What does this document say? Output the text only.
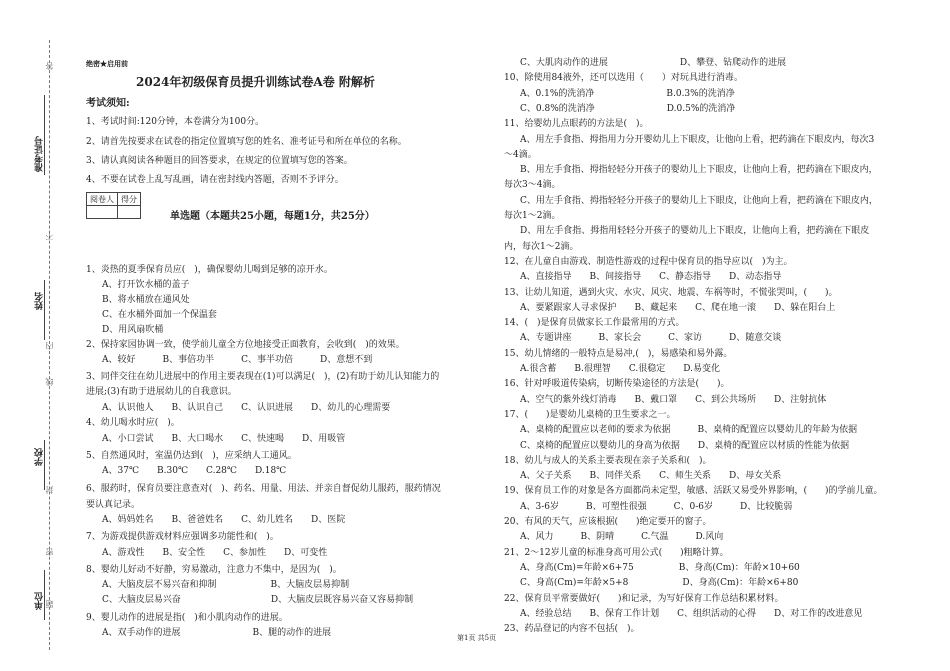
准考证号
姓名
学校
单位
答
不
内
线
封
密
题
绝密★启用前
2024年初级保育员提升训练试卷A卷 附解析
考试须知:
1、考试时间:120分钟，本卷满分为100分。
2、请首先按要求在试卷的指定位置填写您的姓名、准考证号和所在单位的名称。
3、请认真阅读各种题目的回答要求，在规定的位置填写您的答案。
4、不要在试卷上乱写乱画，请在密封线内答题，否则不予评分。
阅卷人	得分

单选题（本题共25小题，每题1分，共25分）
1、炎热的夏季保育员应(　)，确保婴幼儿喝到足够的凉开水。
A、打开饮水桶的盖子
B、将水桶放在通风处
C、在水桶外面加一个保温套
D、用风扇吹桶
2、保持家园协调一致，使学前儿童全方位地接受正面教育，会收到(　)的效果。
A、较好　　　B、事倍功半　　　C、事半功倍　　　D、意想不到
3、同伴交往在幼儿进展中的作用主要表现在(1)可以满足(　)，(2)有助于幼儿认知能力的
进展;(3)有助于进展幼儿的自我意识。
A、认识他人　　B、认识自己　　C、认识进展　　D、幼儿的心理需要
4、幼儿喝水时应(　)。
A、小口尝试　　B、大口喝水　　C、快速喝　　D、用吸管
5、自然通风时，室温仍达到(　)，应采纳人工通风。
A、37℃　　B.30℃　　C.28℃　　D.18℃
6、服药时，保育员要注意查对(　)、药名、用量、用法、并亲自督促幼儿服药，服药情况
要认真记录。
A、妈妈姓名　　B、爸爸姓名　　C、幼儿姓名　　D、医院
7、为游戏提供游戏材料应强调多功能性和(　)。
A、游戏性　　B、安全性　　C、参加性　　D、可变性
8、婴幼儿好动不好静，穷易激动，注意力不集中，是因为(　)。
A、大脑皮层不易兴奋和抑制　　　　　　B、大脑皮层易抑制
C、大脑皮层易兴奋　　　　　　　　　　D、大脑皮层既容易兴奋又容易抑制
9、婴儿动作的进展是指(　)和小肌肉动作的进展。
A、双手动作的进展　　　　　　　　B、腿的动作的进展
C、大肌肉动作的进展　　　　　　　　D、攀登、钻爬动作的进展
10、除使用84液外，还可以选用（　　）对玩具进行消毒。
A、0.1%的洗消净　　　　　　　　B.0.3%的洗消净
C、0.8%的洗消净　　　　　　　　D.0.5%的洗消净
11、给婴幼儿点眼药的方法是(　)。
A、用左手食指、拇指用力分开婴幼儿上下眼皮，让他向上看，把药滴在下眼皮内，每次3
～4滴。
B、用左手食指、拇指轻轻分开孩子的婴幼儿上下眼皮，让他向上看，把药滴在下眼皮内，
每次3～4滴。
C、用左手食指、拇指轻轻分开孩子的婴幼儿上下眼皮，让他向上看，把药滴在下眼皮内，
每次1～2滴。
D、用左手食指、拇指用轻轻分开孩子的婴幼儿上下眼皮，让他向上看，把药滴在下眼皮
内，每次1～2滴。
12、在儿童自由游戏、制造性游戏的过程中保育员的指导应以(　)为主。
A、直接指导　　B、间接指导　　C、静态指导　　D、动态指导
13、让幼儿知道，遇到火灾、水灾、风灾、地震、车祸等时，不慌张哭叫，(　　)。
A、要紧跟家人寻求保护　　B、藏起来　　C、爬在地一滚　　D、躲在阳台上
14、(　)是保育员做家长工作最常用的方式。
A、专题讲座　　　B、家长会　　　C、家访　　　D、随意交谈
15、幼儿情绪的一般特点是易冲,(　)，易感染和易外露。
A.很含蓄　　B.很理智　　C.很稳定　　D.易变化
16、针对呼吸道传染病，切断传染途径的方法是(　　)。
A、空气的紫外线灯消毒　　B、戴口罩　　C、到公共场所　　D、注射抗体
17、(　　)是婴幼儿桌椅的卫生要求之一。
A、桌椅的配置应以老师的要求为依据　　　B、桌椅的配置应以婴幼儿的年龄为依据
C、桌椅的配置应以婴幼儿的身高为依据　　D、桌椅的配置应以材质的性能为依据
18、幼儿与成人的关系主要表现在亲子关系和(　)。
A、父子关系　　B、同伴关系　　C、师生关系　　D、母女关系
19、保育员工作的对象是各方面都尚未定型，敏感、活跃又易受外界影响，(　　)的学前儿童。
A、3-6岁　　　B、可塑性很强　　　C、0-6岁　　　D、比较脆弱
20、有风的天气，应该根据(　　)绝定要开的窗子。
A、风力　　　B、阴晴　　　C.气温　　　D.风向
21、2～12岁儿童的标准身高可用公式(　　)粗略计算。
A、身高(Cm)=年龄×6+75　　　　　B、身高(Cm)：年龄×10+60
C、身高(Cm)=年龄×5+8　　　　　　D、身高(Cm)：年龄×6+80
22、保育员平常要做好(　　)和记录，为写好保育工作总结积累材料。
A、经验总结　　B、保育工作计划　　C、组织活动的心得　　D、对工作的改进意见
23、药品登记的内容不包括(　)。
第1页 共5页
